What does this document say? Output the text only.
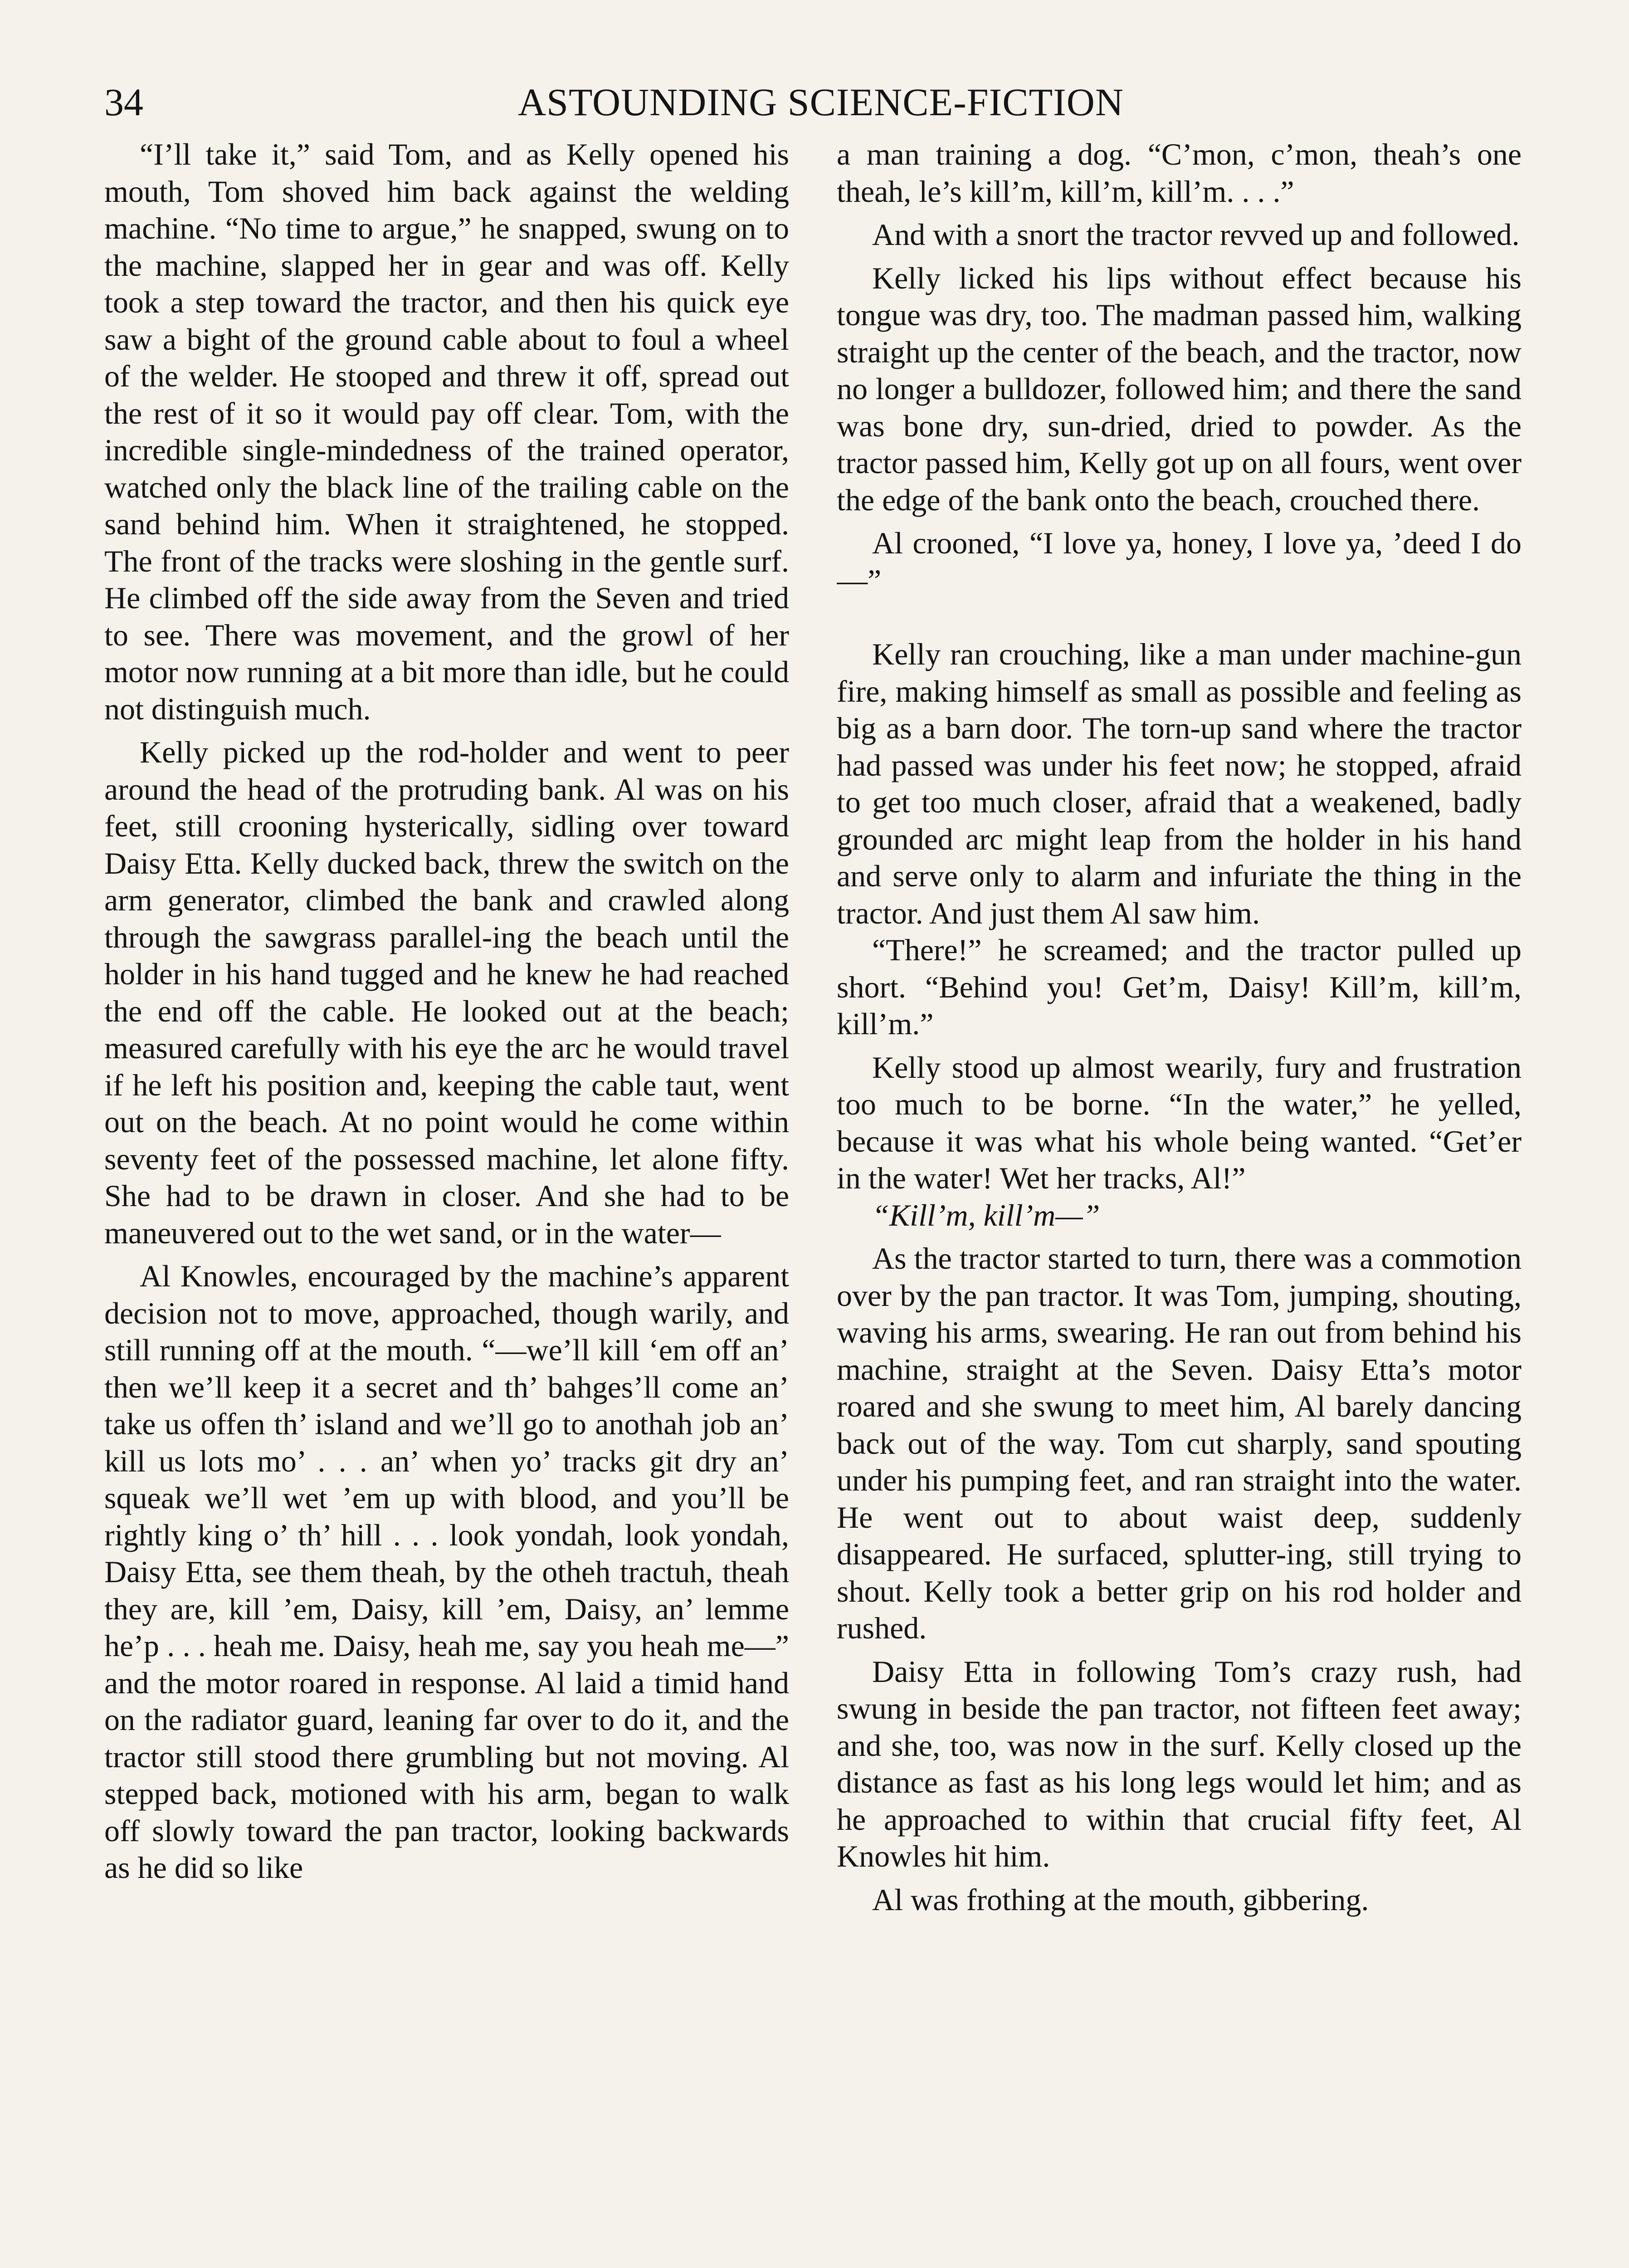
34	ASTOUNDING SCIENCE-FICTION

“I’ll take it,” said Tom, and as Kelly opened his mouth, Tom shoved him back against the welding machine. “No time to argue,” he snapped, swung on to the machine, slapped her in gear and was off. Kelly took a step toward the tractor, and then his quick eye saw a bight of the ground cable about to foul a wheel of the welder. He stooped and threw it off, spread out the rest of it so it would pay off clear. Tom, with the incredible single-mindedness of the trained operator, watched only the black line of the trailing cable on the sand behind him. When it straightened, he stopped. The front of the tracks were sloshing in the gentle surf. He climbed off the side away from the Seven and tried to see. There was movement, and the growl of her motor now running at a bit more than idle, but he could not distinguish much.

Kelly picked up the rod-holder and went to peer around the head of the protruding bank. Al was on his feet, still crooning hysterically, sidling over toward Daisy Etta. Kelly ducked back, threw the switch on the arm generator, climbed the bank and crawled along through the sawgrass parallel-ing the beach until the holder in his hand tugged and he knew he had reached the end off the cable. He looked out at the beach; measured carefully with his eye the arc he would travel if he left his position and, keeping the cable taut, went out on the beach. At no point would he come within seventy feet of the possessed machine, let alone fifty. She had to be drawn in closer. And she had to be maneuvered out to the wet sand, or in the water—

Al Knowles, encouraged by the machine’s apparent decision not to move, approached, though warily, and still running off at the mouth. “—we’ll kill ‘em off an’ then we’ll keep it a secret and th’ bahges’ll come an’ take us offen th’ island and we’ll go to anothah job an’ kill us lots mo’ . . . an’ when yo’ tracks git dry an’ squeak we’ll wet ’em up with blood, and you’ll be rightly king o’ th’ hill . . . look yondah, look yondah, Daisy Etta, see them theah, by the otheh tractuh, theah they are, kill ’em, Daisy, kill ’em, Daisy, an’ lemme he’p . . . heah me. Daisy, heah me, say you heah me—” and the motor roared in response. Al laid a timid hand on the radiator guard, leaning far over to do it, and the tractor still stood there grumbling but not moving. Al stepped back, motioned with his arm, began to walk off slowly toward the pan tractor, looking backwards as he did so like

a man training a dog. “C’mon, c’mon, theah’s one theah, le’s kill’m, kill’m, kill’m. . . .”

And with a snort the tractor revved up and followed.

Kelly licked his lips without effect because his tongue was dry, too. The madman passed him, walking straight up the center of the beach, and the tractor, now no longer a bulldozer, followed him; and there the sand was bone dry, sun-dried, dried to powder. As the tractor passed him, Kelly got up on all fours, went over the edge of the bank onto the beach, crouched there.

Al crooned, “I love ya, honey, I love ya, ’deed I do—”

Kelly ran crouching, like a man under machine-gun fire, making himself as small as possible and feeling as big as a barn door. The torn-up sand where the tractor had passed was under his feet now; he stopped, afraid to get too much closer, afraid that a weakened, badly grounded arc might leap from the holder in his hand and serve only to alarm and infuriate the thing in the tractor. And just them Al saw him.

“There!” he screamed; and the tractor pulled up short. “Behind you! Get’m, Daisy! Kill’m, kill’m, kill’m.”

Kelly stood up almost wearily, fury and frustration too much to be borne. “In the water,” he yelled, because it was what his whole being wanted. “Get’er in the water! Wet her tracks, Al!”

“Kill’m, kill’m—”

As the tractor started to turn, there was a commotion over by the pan tractor. It was Tom, jumping, shouting, waving his arms, swearing. He ran out from behind his machine, straight at the Seven. Daisy Etta’s motor roared and she swung to meet him, Al barely dancing back out of the way. Tom cut sharply, sand spouting under his pumping feet, and ran straight into the water. He went out to about waist deep, suddenly disappeared. He surfaced, splutter-ing, still trying to shout. Kelly took a better grip on his rod holder and rushed.

Daisy Etta in following Tom’s crazy rush, had swung in beside the pan tractor, not fifteen feet away; and she, too, was now in the surf. Kelly closed up the distance as fast as his long legs would let him; and as he approached to within that crucial fifty feet, Al Knowles hit him.

Al was frothing at the mouth, gibbering.
